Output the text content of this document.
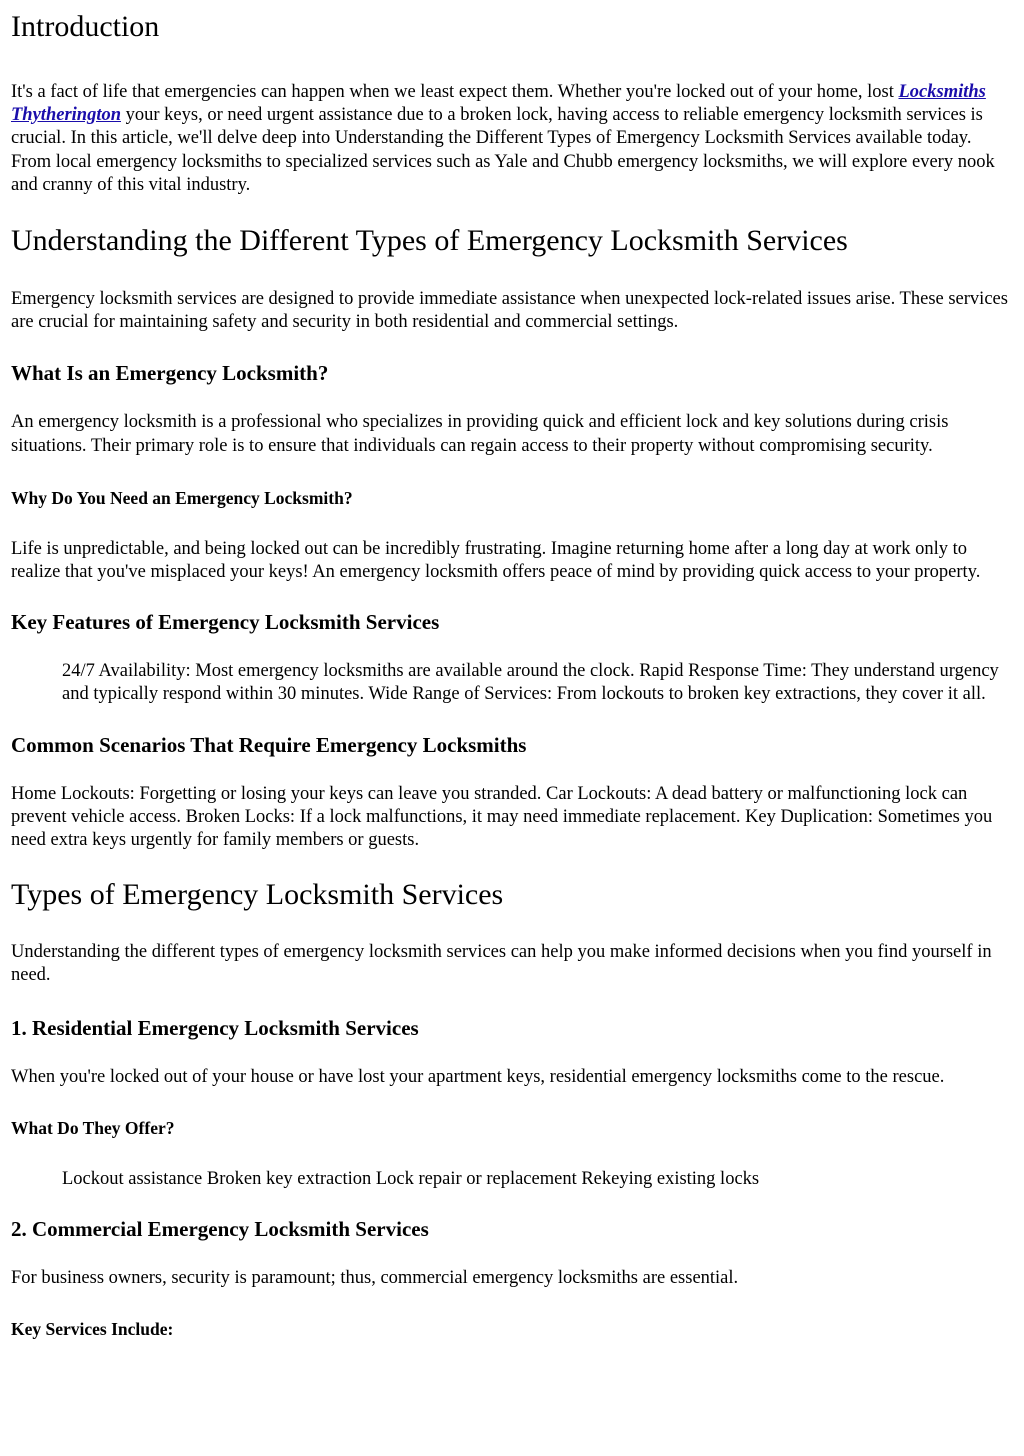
Introduction

It's a fact of life that emergencies can happen when we least expect them. Whether you're locked out of your home, lost Locksmiths Thytherington your keys, or need urgent assistance due to a broken lock, having access to reliable emergency locksmith services is crucial. In this article, we'll delve deep into Understanding the Different Types of Emergency Locksmith Services available today. From local emergency locksmiths to specialized services such as Yale and Chubb emergency locksmiths, we will explore every nook and cranny of this vital industry.

Understanding the Different Types of Emergency Locksmith Services

Emergency locksmith services are designed to provide immediate assistance when unexpected lock-related issues arise. These services are crucial for maintaining safety and security in both residential and commercial settings.

What Is an Emergency Locksmith?

An emergency locksmith is a professional who specializes in providing quick and efficient lock and key solutions during crisis situations. Their primary role is to ensure that individuals can regain access to their property without compromising security.

Why Do You Need an Emergency Locksmith?

Life is unpredictable, and being locked out can be incredibly frustrating. Imagine returning home after a long day at work only to realize that you've misplaced your keys! An emergency locksmith offers peace of mind by providing quick access to your property.

Key Features of Emergency Locksmith Services

24/7 Availability: Most emergency locksmiths are available around the clock. Rapid Response Time: They understand urgency and typically respond within 30 minutes. Wide Range of Services: From lockouts to broken key extractions, they cover it all.

Common Scenarios That Require Emergency Locksmiths

Home Lockouts: Forgetting or losing your keys can leave you stranded. Car Lockouts: A dead battery or malfunctioning lock can prevent vehicle access. Broken Locks: If a lock malfunctions, it may need immediate replacement. Key Duplication: Sometimes you need extra keys urgently for family members or guests.

Types of Emergency Locksmith Services

Understanding the different types of emergency locksmith services can help you make informed decisions when you find yourself in need.

1. Residential Emergency Locksmith Services

When you're locked out of your house or have lost your apartment keys, residential emergency locksmiths come to the rescue.

What Do They Offer?

Lockout assistance Broken key extraction Lock repair or replacement Rekeying existing locks

2. Commercial Emergency Locksmith Services

For business owners, security is paramount; thus, commercial emergency locksmiths are essential.

Key Services Include:
